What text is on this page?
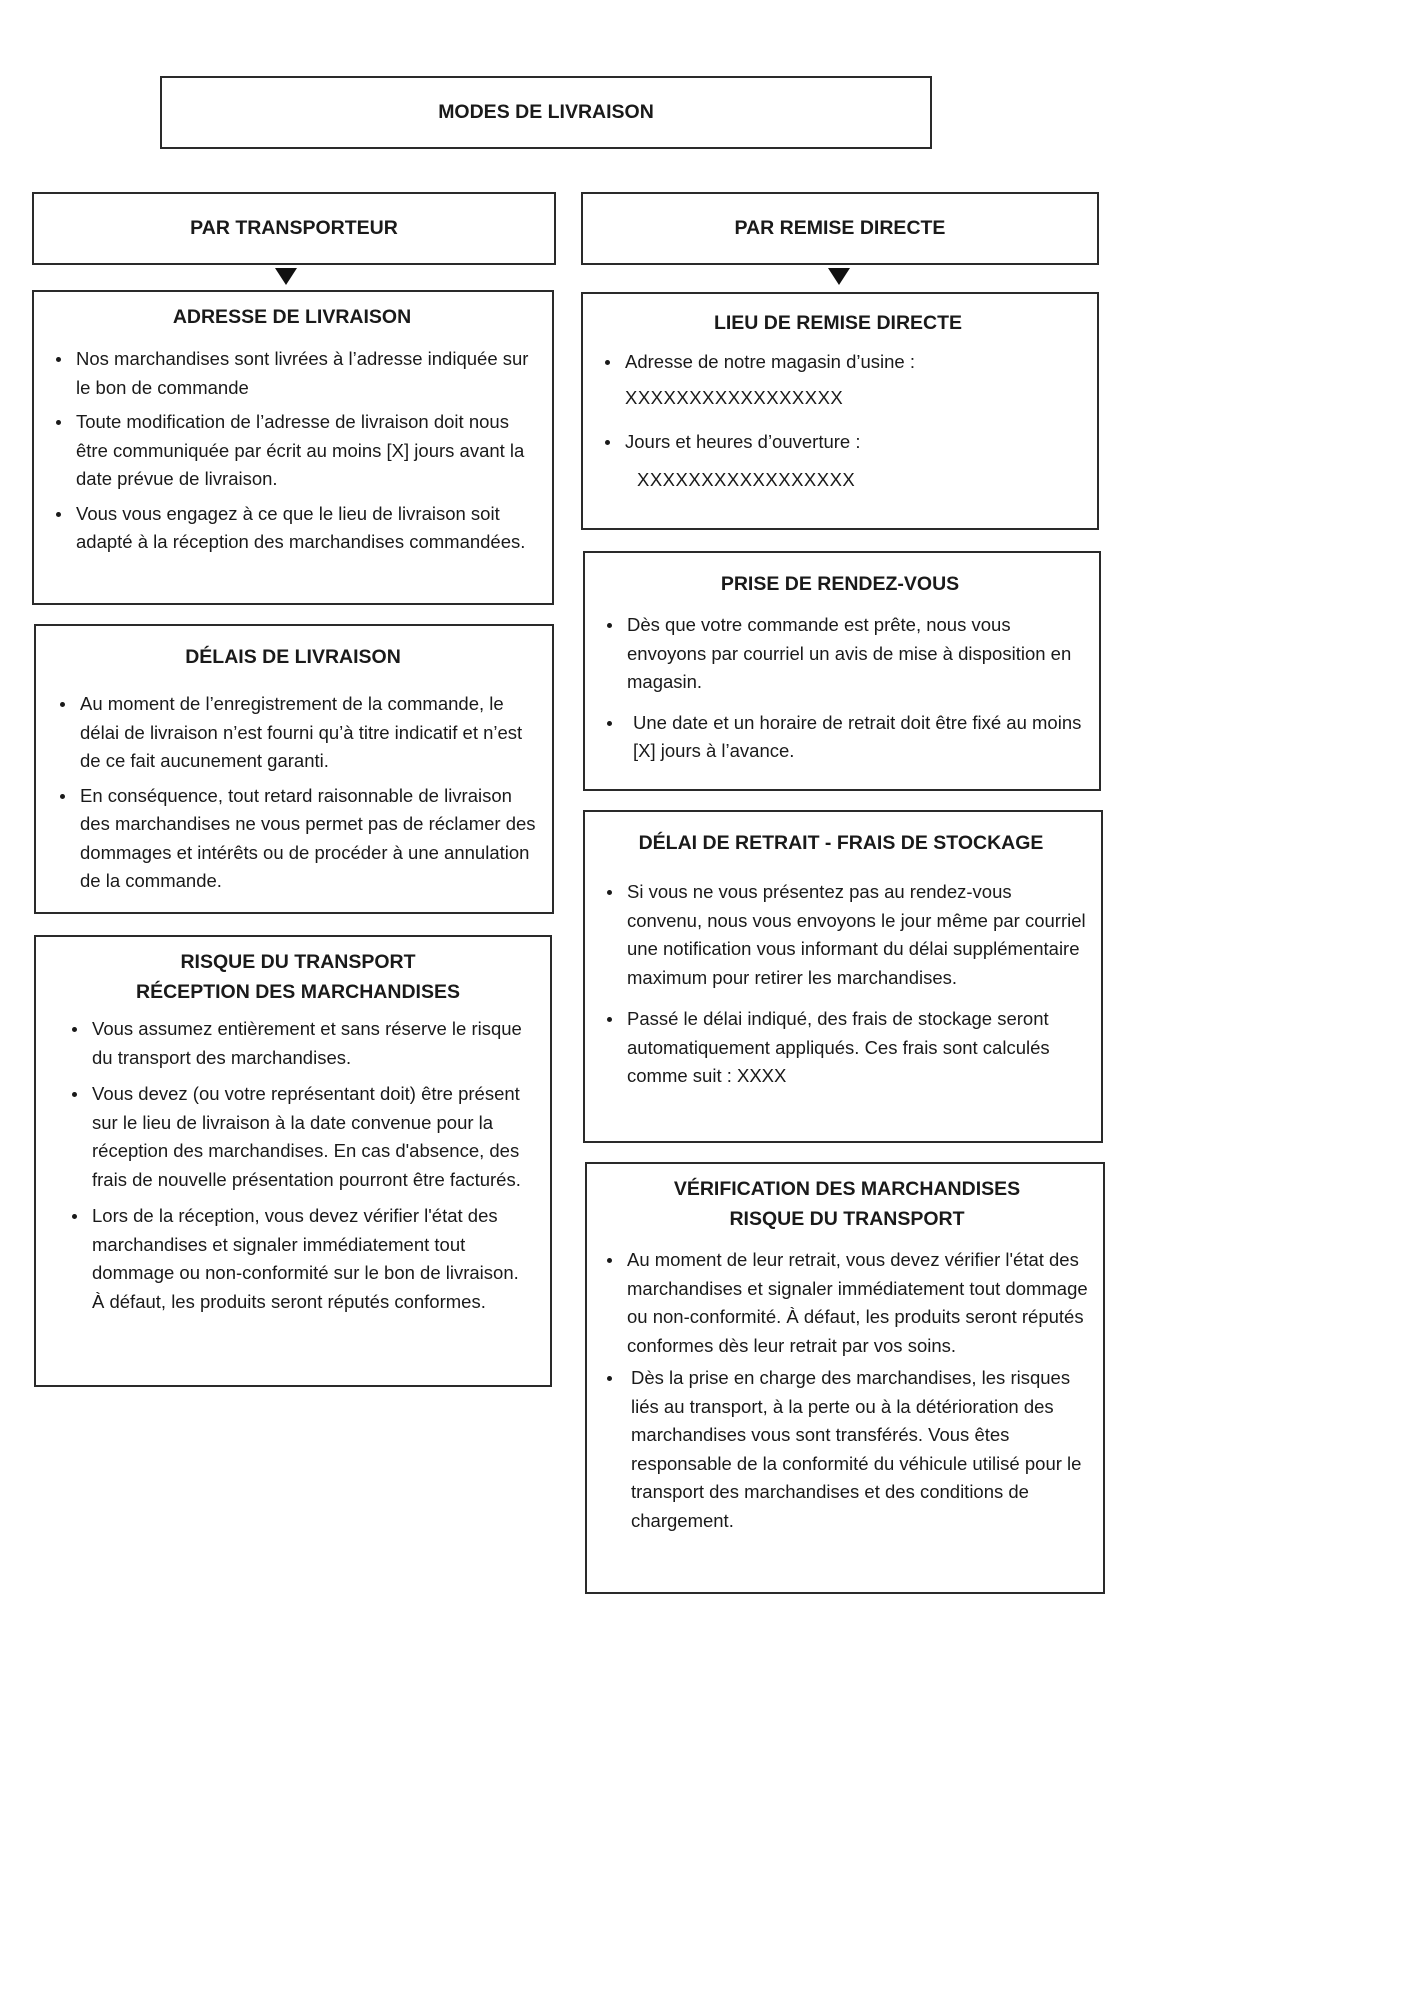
MODES DE LIVRAISON
PAR TRANSPORTEUR	PAR REMISE DIRECTE
ADRESSE DE LIVRAISON
Nos marchandises sont livrées à l’adresse indiquée sur le bon de commande
Toute modification de l’adresse de livraison doit nous être communiquée par écrit au moins [X] jours avant la date prévue de livraison.
Vous vous engagez à ce que le lieu de livraison soit adapté à la réception des marchandises commandées.
DÉLAIS DE LIVRAISON
Au moment de l’enregistrement de la commande, le délai de livraison n’est fourni qu’à titre indicatif et n’est de ce fait aucunement garanti.
En conséquence, tout retard raisonnable de livraison des marchandises ne vous permet pas de réclamer des dommages et intérêts ou de procéder à une annulation de la commande.
RISQUE DU TRANSPORT
RÉCEPTION DES MARCHANDISES
Vous assumez entièrement et sans réserve le risque du transport des marchandises.
Vous devez (ou votre représentant doit) être présent sur le lieu de livraison à la date convenue pour la réception des marchandises. En cas d'absence, des frais de nouvelle présentation pourront être facturés.
Lors de la réception, vous devez vérifier l'état des marchandises et signaler immédiatement tout dommage ou non-conformité sur le bon de livraison. À défaut, les produits seront réputés conformes.
LIEU DE REMISE DIRECTE
Adresse de notre magasin d’usine :
XXXXXXXXXXXXXXXXX
Jours et heures d’ouverture :
XXXXXXXXXXXXXXXXX
PRISE DE RENDEZ-VOUS
Dès que votre commande est prête, nous vous envoyons par courriel un avis de mise à disposition en magasin.
Une date et un horaire de retrait doit être fixé au moins [X] jours à l’avance.
DÉLAI DE RETRAIT - FRAIS DE STOCKAGE
Si vous ne vous présentez pas au rendez-vous convenu, nous vous envoyons le jour même par courriel une notification vous informant du délai supplémentaire maximum pour retirer les marchandises.
Passé le délai indiqué, des frais de stockage seront automatiquement appliqués. Ces frais sont calculés comme suit : XXXX
VÉRIFICATION DES MARCHANDISES
RISQUE DU TRANSPORT
Au moment de leur retrait, vous devez vérifier l'état des marchandises et signaler immédiatement tout dommage ou non-conformité. À défaut, les produits seront réputés conformes dès leur retrait par vos soins.
Dès la prise en charge des marchandises, les risques liés au transport, à la perte ou à la détérioration des marchandises vous sont transférés. Vous êtes responsable de la conformité du véhicule utilisé pour le transport des marchandises et des conditions de chargement.
